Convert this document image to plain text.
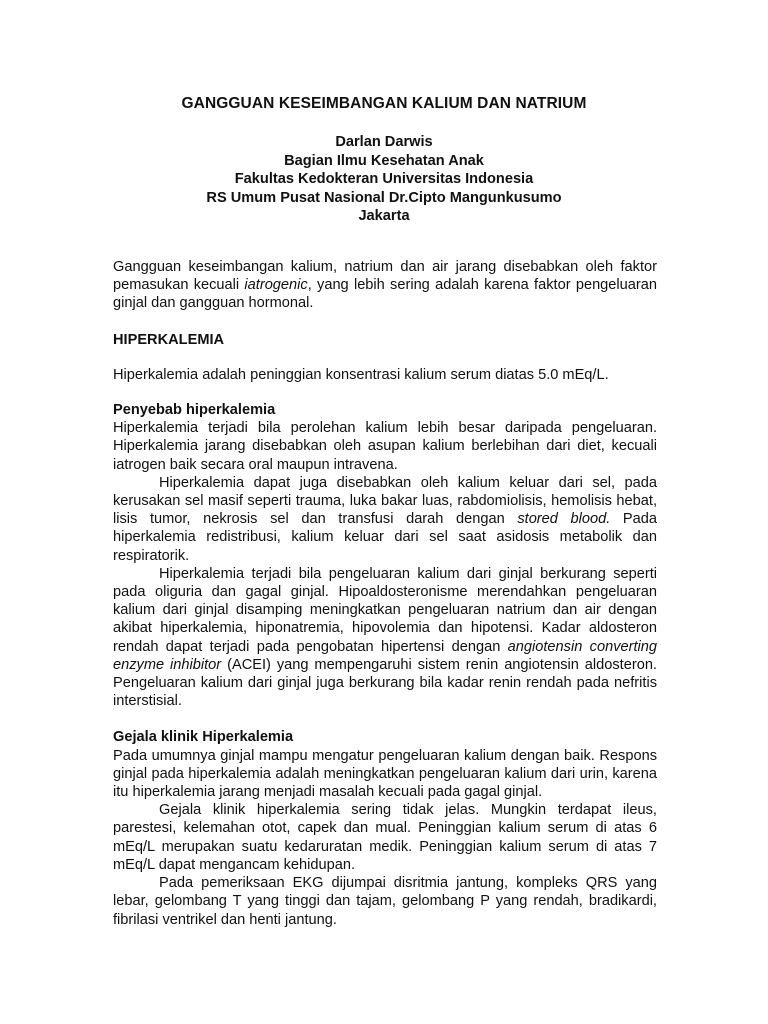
GANGGUAN KESEIMBANGAN KALIUM DAN NATRIUM
Darlan Darwis
Bagian Ilmu Kesehatan Anak
Fakultas Kedokteran Universitas Indonesia
RS Umum Pusat Nasional Dr.Cipto Mangunkusumo
Jakarta

Gangguan keseimbangan kalium, natrium dan air jarang disebabkan oleh faktor pemasukan kecuali iatrogenic, yang lebih sering adalah karena faktor pengeluaran ginjal dan gangguan hormonal.

HIPERKALEMIA

Hiperkalemia adalah peninggian konsentrasi kalium serum diatas 5.0 mEq/L.

Penyebab hiperkalemia

Hiperkalemia terjadi bila perolehan kalium lebih besar daripada pengeluaran. Hiperkalemia jarang disebabkan oleh asupan kalium berlebihan dari diet, kecuali iatrogen baik secara oral maupun intravena.

Hiperkalemia dapat juga disebabkan oleh kalium keluar dari sel, pada kerusakan sel masif seperti trauma, luka bakar luas, rabdomiolisis, hemolisis hebat, lisis tumor, nekrosis sel dan transfusi darah dengan stored blood. Pada hiperkalemia redistribusi, kalium keluar dari sel saat asidosis metabolik dan respiratorik.

Hiperkalemia terjadi bila pengeluaran kalium dari ginjal berkurang seperti pada oliguria dan gagal ginjal. Hipoaldosteronisme merendahkan pengeluaran kalium dari ginjal disamping meningkatkan pengeluaran natrium dan air dengan akibat hiperkalemia, hiponatremia, hipovolemia dan hipotensi. Kadar aldosteron rendah dapat terjadi pada pengobatan hipertensi dengan angiotensin converting enzyme inhibitor (ACEI) yang mempengaruhi sistem renin angiotensin aldosteron. Pengeluaran kalium dari ginjal juga berkurang bila kadar renin rendah pada nefritis interstisial.

Gejala klinik Hiperkalemia

Pada umumnya ginjal mampu mengatur pengeluaran kalium dengan baik. Respons ginjal pada hiperkalemia adalah meningkatkan pengeluaran kalium dari urin, karena itu hiperkalemia jarang menjadi masalah kecuali pada gagal ginjal.

Gejala klinik hiperkalemia sering tidak jelas. Mungkin terdapat ileus, parestesi, kelemahan otot, capek dan mual. Peninggian kalium serum di atas 6 mEq/L merupakan suatu kedaruratan medik. Peninggian kalium serum di atas 7 mEq/L dapat mengancam kehidupan.

Pada pemeriksaan EKG dijumpai disritmia jantung, kompleks QRS yang lebar, gelombang T yang tinggi dan tajam, gelombang P yang rendah, bradikardi, fibrilasi ventrikel dan henti jantung.
